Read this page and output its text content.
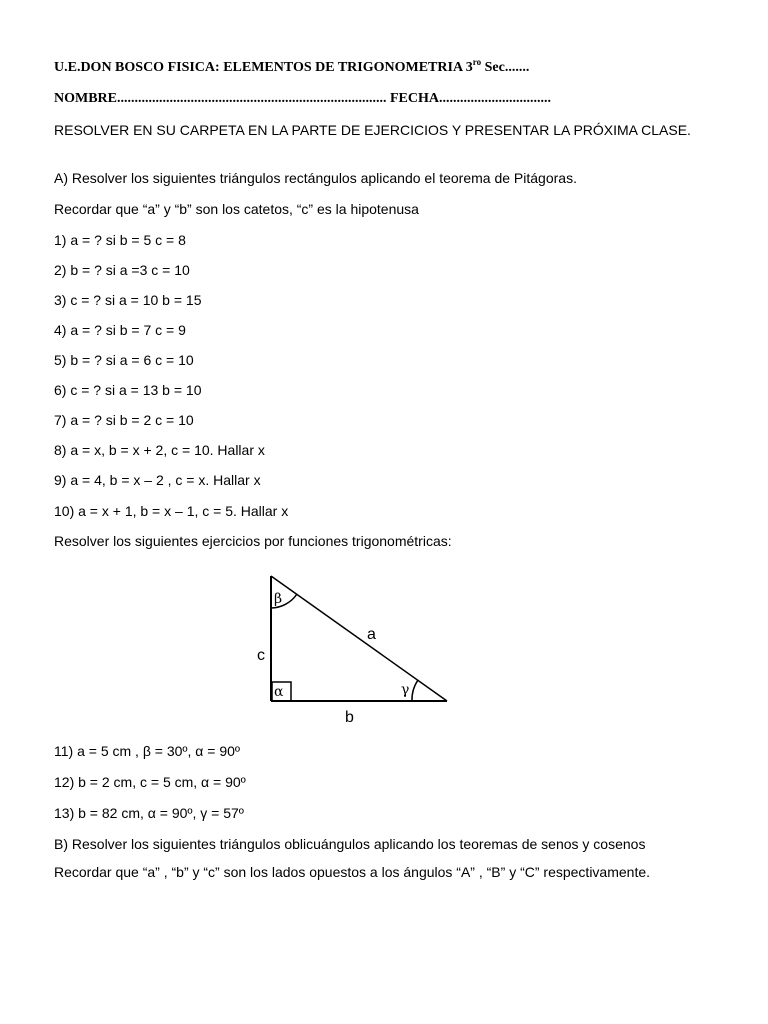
U.E.DON BOSCO FISICA: ELEMENTOS DE TRIGONOMETRIA $3^{ro}$ Sec.......
NOMBRE............................................................................. FECHA................................
RESOLVER EN SU CARPETA EN LA PARTE DE EJERCICIOS Y PRESENTAR LA PRÓXIMA CLASE.
A) Resolver los siguientes triángulos rectángulos aplicando el teorema de Pitágoras.
Recordar que “a” y “b” son los catetos, “c” es la hipotenusa
1) a = ? si b = 5 c = 8
2) b = ? si a =3 c = 10
3) c = ? si a = 10 b = 15
4) a = ? si b = 7 c = 9
5) b = ? si a = 6 c = 10
6) c = ? si a = 13 b = 10
7) a = ? si b = 2 c = 10
8) a = x, b = x + 2, c = 10. Hallar x
9) a = 4, b = x – 2 , c = x. Hallar x
10) a = x + 1, b = x – 1, c = 5. Hallar x
Resolver los siguientes ejercicios por funciones trigonométricas:
β
α	γ
a
b
c
11) a = 5 cm , β = 30º, α = 90º
12) b = 2 cm, c = 5 cm, α = 90º
13) b = 82 cm, α = 90º, γ = 57º
B) Resolver los siguientes triángulos oblicuángulos aplicando los teoremas de senos y cosenos
Recordar que “a” , “b” y “c” son los lados opuestos a los ángulos “A” , “B” y “C” respectivamente.
